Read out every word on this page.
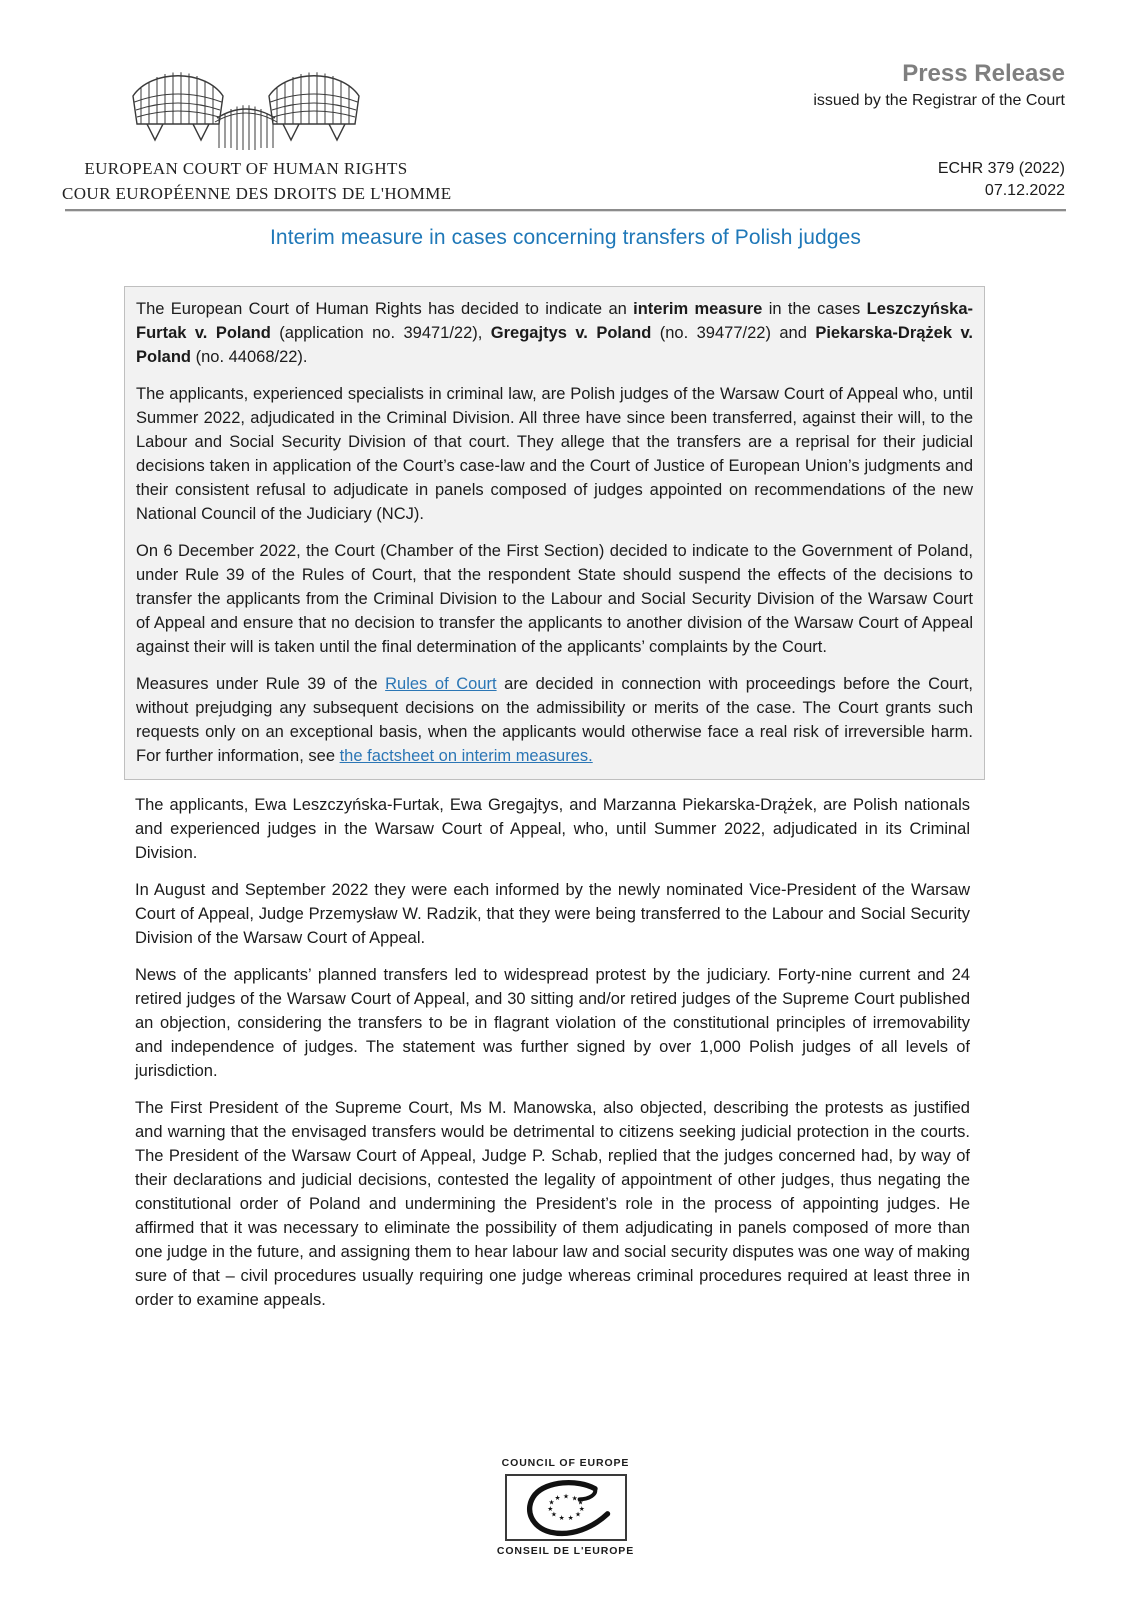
EUROPEAN COURT OF HUMAN RIGHTS
COUR EUROPÉENNE DES DROITS DE L'HOMME
Press Release
issued by the Registrar of the Court
ECHR 379 (2022)
07.12.2022
Interim measure in cases concerning transfers of Polish judges

The European Court of Human Rights has decided to indicate an interim measure in the cases Leszczyńska-Furtak v. Poland (application no. 39471/22), Gregajtys v. Poland (no. 39477/22) and Piekarska-Drążek v. Poland (no. 44068/22).

The applicants, experienced specialists in criminal law, are Polish judges of the Warsaw Court of Appeal who, until Summer 2022, adjudicated in the Criminal Division. All three have since been transferred, against their will, to the Labour and Social Security Division of that court. They allege that the transfers are a reprisal for their judicial decisions taken in application of the Court’s case-law and the Court of Justice of European Union’s judgments and their consistent refusal to adjudicate in panels composed of judges appointed on recommendations of the new National Council of the Judiciary (NCJ).

On 6 December 2022, the Court (Chamber of the First Section) decided to indicate to the Government of Poland, under Rule 39 of the Rules of Court, that the respondent State should suspend the effects of the decisions to transfer the applicants from the Criminal Division to the Labour and Social Security Division of the Warsaw Court of Appeal and ensure that no decision to transfer the applicants to another division of the Warsaw Court of Appeal against their will is taken until the final determination of the applicants’ complaints by the Court.

Measures under Rule 39 of the Rules of Court are decided in connection with proceedings before the Court, without prejudging any subsequent decisions on the admissibility or merits of the case. The Court grants such requests only on an exceptional basis, when the applicants would otherwise face a real risk of irreversible harm. For further information, see the factsheet on interim measures.

The applicants, Ewa Leszczyńska-Furtak, Ewa Gregajtys, and Marzanna Piekarska-Drążek, are Polish nationals and experienced judges in the Warsaw Court of Appeal, who, until Summer 2022, adjudicated in its Criminal Division.

In August and September 2022 they were each informed by the newly nominated Vice-President of the Warsaw Court of Appeal, Judge Przemysław W. Radzik, that they were being transferred to the Labour and Social Security Division of the Warsaw Court of Appeal.

News of the applicants’ planned transfers led to widespread protest by the judiciary. Forty-nine current and 24 retired judges of the Warsaw Court of Appeal, and 30 sitting and/or retired judges of the Supreme Court published an objection, considering the transfers to be in flagrant violation of the constitutional principles of irremovability and independence of judges. The statement was further signed by over 1,000 Polish judges of all levels of jurisdiction.

The First President of the Supreme Court, Ms M. Manowska, also objected, describing the protests as justified and warning that the envisaged transfers would be detrimental to citizens seeking judicial protection in the courts. The President of the Warsaw Court of Appeal, Judge P. Schab, replied that the judges concerned had, by way of their declarations and judicial decisions, contested the legality of appointment of other judges, thus negating the constitutional order of Poland and undermining the President’s role in the process of appointing judges. He affirmed that it was necessary to eliminate the possibility of them adjudicating in panels composed of more than one judge in the future, and assigning them to hear labour law and social security disputes was one way of making sure of that – civil procedures usually requiring one judge whereas criminal procedures required at least three in order to examine appeals.

COUNCIL OF EUROPE
★ ★
★
★
★
★
★
★
★
★
★
CONSEIL DE L'EUROPE
